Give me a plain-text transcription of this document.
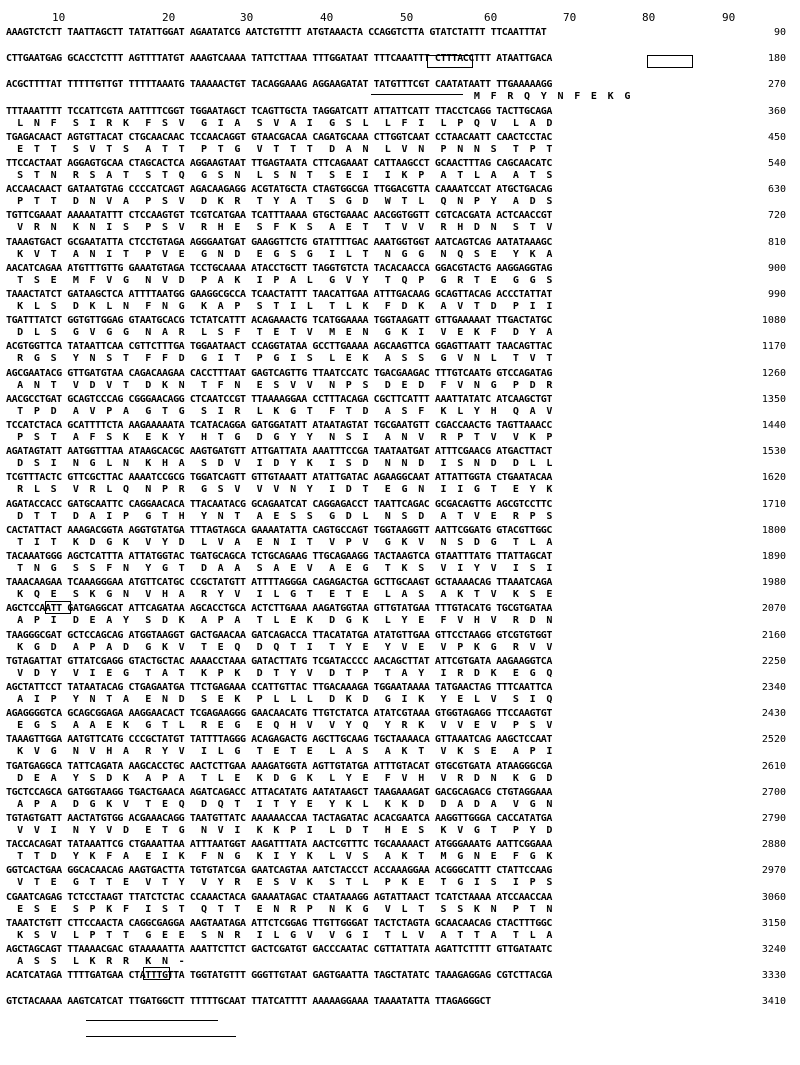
10	20	30	40	50	60	70	80	90
AAAGTCTCTT TAATTAGCTT TATATTGGAT AGAATATCG AATCTGTTTT ATGTAAACTA CCAGGTCTTA GTATCTATTT TTCAATTTAT	90
CTTGAATGAG GCACCTCTTT AGTTTTATGT AAAGTCAAAA TATTCTTAAA TTTGGATAAT TTTCAAATTT CTTTACCTTT ATAATTGACA	180
ACGCTTTTAT TTTTTGTTGT TTTTTAAATG TAAAAACTGT TACAGGAAAG AGGAAGATAT TATGTTTCGT CAATATAATT TTGAAAAAGG
M  F  R  Q  Y  N  F  E  K  G
270
TTTAAATTTT TCCATTCGTA AATTTTCGGT TGGAATAGCT TCAGTTGCTA TAGGATCATT ATTATTCATT TTACCTCAGG TACTTGCAGA
L  N  F   S  I  R  K   F  S  V   G  I  A   S  V  A  I   G  S  L   L  F  I   L  P  Q  V   L  A  D
360
TGAGACAACT AGTGTTACAT CTGCAACAAC TCCAACAGGT GTAACGACAA CAGATGCAAA CTTGGTCAAT CCTAACAATT CAACTCCTAC
E  T  T   S  V  T  S   A  T  T   P  T  G   V  T  T  T   D  A  N   L  V  N   P  N  N  S   T  P  T
450
TTCCACTAAT AGGAGTGCAA CTAGCACTCA AGGAAGTAAT TTGAGTAATA CTTCAGAAAT CATTAAGCCT GCAACTTTAG CAGCAACATC
S  T  N   R  S  A  T   S  T  Q   G  S  N   L  S  N  T   S  E  I   I  K  P   A  T  L  A   A  T  S
540
ACCAACAACT GATAATGTAG CCCCATCAGT AGACAAGAGG ACGTATGCTA CTAGTGGCGA TTGGACGTTA CAAAATCCAT ATGCTGACAG
P  T  T   D  N  V  A   P  S  V   D  K  R   T  Y  A  T   S  G  D   W  T  L   Q  N  P  Y   A  D  S
630
TGTTCGAAAT AAAAATATTT CTCCAAGTGT TCGTCATGAA TCATTTAAAA GTGCTGAAAC AACGGTGGTT CGTCACGATA ACTCAACCGT
V  R  N   K  N  I  S   P  S  V   R  H  E   S  F  K  S   A  E  T   T  V  V   R  H  D  N   S  T  V
720
TAAAGTGACT GCGAATATTA CTCCTGTAGA AGGGAATGAT GAAGGTTCTG GTATTTTGAC AAATGGTGGT AATCAGTCAG AATATAAAGC
K  V  T   A  N  I  T   P  V  E   G  N  D   E  G  S  G   I  L  T   N  G  G   N  Q  S  E   Y  K  A
810
AACATCAGAA ATGTTTGTTG GAAATGTAGA TCCTGCAAAA ATACCTGCTT TAGGTGTCTA TACACAACCA GGACGTACTG AAGGAGGTAG
T  S  E   M  F  V  G   N  V  D   P  A  K   I  P  A  L   G  V  Y   T  Q  P   G  R  T  E   G  G  S
900
TAAACTATCT GATAAGCTCA ATTTTAATGG GAAGGCGCCA TCAACTATTT TAACATTGAA ATTTGACAAG GCAGTTACAG ACCCTATTAT
K  L  S   D  K  L  N   F  N  G   K  A  P   S  T  I  L   T  L  K   F  D  K   A  V  T  D   P  I  I
990
TGATTTATCT GGTGTTGGAG GTAATGCACG TCTATCATTT ACAGAAACTG TCATGGAAAA TGGTAAGATT GTTGAAAAAT TTGACTATGC
D  L  S   G  V  G  G   N  A  R   L  S  F   T  E  T  V   M  E  N   G  K  I   V  E  K  F   D  Y  A
1080
ACGTGGTTCA TATAATTCAA CGTTCTTTGA TGGAATAACT CCAGGTATAA GCCTTGAAAA AGCAAGTTCA GGAGTTAATT TAACAGTTAC
R  G  S   Y  N  S  T   F  F  D   G  I  T   P  G  I  S   L  E  K   A  S  S   G  V  N  L   T  V  T
1170
AGCGAATACG GTTGATGTAA CAGACAAGAA CACCTTTAAT GAGTCAGTTG TTAATCCATC TGACGAAGAC TTTGTCAATG GTCCAGATAG
A  N  T   V  D  V  T   D  K  N   T  F  N   E  S  V  V   N  P  S   D  E  D   F  V  N  G   P  D  R
1260
AACGCCTGAT GCAGTCCCAG CGGGAACAGG CTCAATCCGT TTAAAAGGAA CCTTTACAGA CGCTTCATTT AAATTATATC ATCAAGCTGT
T  P  D   A  V  P  A   G  T  G   S  I  R   L  K  G  T   F  T  D   A  S  F   K  L  Y  H   Q  A  V
1350
TCCATCTACA GCATTTTCTA AAGAAAAATA TCATACAGGA GATGGATATT ATAATAGTAT TGCGAATGTT CGACCAACTG TAGTTAAACC
P  S  T   A  F  S  K   E  K  Y   H  T  G   D  G  Y  Y   N  S  I   A  N  V   R  P  T  V   V  K  P
1440
AGATAGTATT AATGGTTTAA ATAAGCACGC AAGTGATGTT ATTGATTATA AAATTTCCGA TAATAATGAT ATTTCGAACG ATGACTTACT
D  S  I   N  G  L  N   K  H  A   S  D  V   I  D  Y  K   I  S  D   N  N  D   I  S  N  D   D  L  L
1530
TCGTTTACTC GTTCGCTTAC AAAATCCGCG TGGATCAGTT GTTGTAAATT ATATTGATAC AGAAGGCAAT ATTATTGGTA CTGAATACAA
R  L  S   V  R  L  Q   N  P  R   G  S  V   V  V  N  Y   I  D  T   E  G  N   I  I  G  T   E  Y  K
1620
AGATACCACC GATGCAATTC CAGGAACACA TTACAATACG GCAGAATCAT CAGGAGACCT TAATTCAGAC GCGACAGTTG AGCGTCCTTC
D  T  T   D  A  I  P   G  T  H   Y  N  T   A  E  S  S   G  D  L   N  S  D   A  T  V  E   R  P  S
1710
CACTATTACT AAAGACGGTA AGGTGTATGA TTTAGTAGCA GAAAATATTA CAGTGCCAGT TGGTAAGGTT AATTCGGATG GTACGTTGGC
T  I  T   K  D  G  K   V  Y  D   L  V  A   E  N  I  T   V  P  V   G  K  V   N  S  D  G   T  L  A
1800
TACAAATGGG AGCTCATTTA ATTATGGTAC TGATGCAGCA TCTGCAGAAG TTGCAGAAGG TACTAAGTCA GTAATTTATG TTATTAGCAT
T  N  G   S  S  F  N   Y  G  T   D  A  A   S  A  E  V   A  E  G   T  K  S   V  I  Y  V   I  S  I
1890
TAAACAAGAA TCAAAGGGAA ATGTTCATGC CCGCTATGTT ATTTTAGGGA CAGAGACTGA GCTTGCAAGT GCTAAAACAG TTAAATCAGA
K  Q  E   S  K  G  N   V  H  A   R  Y  V   I  L  G  T   E  T  E   L  A  S   A  K  T  V   K  S  E
1980
AGCTCCAATT GATGAGGCAT ATTCAGATAA AGCACCTGCA ACTCTTGAAA AAGATGGTAA GTTGTATGAA TTTGTACATG TGCGTGATAA
A  P  I   D  E  A  Y   S  D  K   A  P  A   T  L  E  K   D  G  K   L  Y  E   F  V  H  V   R  D  N
2070
TAAGGGCGAT GCTCCAGCAG ATGGTAAGGT GACTGAACAA GATCAGACCA TTACATATGA ATATGTTGAA GTTCCTAAGG GTCGTGTGGT
K  G  D   A  P  A  D   G  K  V   T  E  Q   D  Q  T  I   T  Y  E   Y  V  E   V  P  K  G   R  V  V
2160
TGTAGATTAT GTTATCGAGG GTACTGCTAC AAAACCTAAA GATACTTATG TCGATACCCC AACAGCTTAT ATTCGTGATA AAGAAGGTCA
V  D  Y   V  I  E  G   T  A  T   K  P  K   D  T  Y  V   D  T  P   T  A  Y   I  R  D  K   E  G  Q
2250
AGCTATTCCT TATAATACAG CTGAGAATGA TTCTGAGAAA CCATTGTTAC TTGACAAAGA TGGAATAAAA TATGAACTAG TTTCAATTCA
A  I  P   Y  N  T  A   E  N  D   S  E  K   P  L  L  L   D  K  D   G  I  K   Y  E  L  V   S  I  Q
2340
AGAGGGGTCA GCAGCGGAGA AAGGAACACT TCGAGAAGGG GAACAACATG TTGTCTATCA ATATCGTAAA GTGGTAGAGG TTCCAAGTGT
E  G  S   A  A  E  K   G  T  L   R  E  G   E  Q  H  V   V  Y  Q   Y  R  K   V  V  E  V   P  S  V
2430
TAAAGTTGGA AATGTTCATG CCCGCTATGT TATTTTAGGG ACAGAGACTG AGCTTGCAAG TGCTAAAACA GTTAAATCAG AAGCTCCAAT
K  V  G   N  V  H  A   R  Y  V   I  L  G   T  E  T  E   L  A  S   A  K  T   V  K  S  E   A  P  I
2520
TGATGAGGCA TATTCAGATA AAGCACCTGC AACTCTTGAA AAAGATGGTA AGTTGTATGA ATTTGTACAT GTGCGTGATA ATAAGGGCGA
D  E  A   Y  S  D  K   A  P  A   T  L  E   K  D  G  K   L  Y  E   F  V  H   V  R  D  N   K  G  D
2610
TGCTCCAGCA GATGGTAAGG TGACTGAACA AGATCAGACC ATTACATATG AATATAAGCT TAAGAAAGAT GACGCAGACG CTGTAGGAAA
A  P  A   D  G  K  V   T  E  Q   D  Q  T   I  T  Y  E   Y  K  L   K  K  D   D  A  D  A   V  G  N
2700
TGTAGTGATT AACTATGTGG ACGAAACAGG TAATGTTATC AAAAAACCAA TACTAGATAC ACACGAATCA AAGGTTGGGA CACCATATGA
V  V  I   N  Y  V  D   E  T  G   N  V  I   K  K  P  I   L  D  T   H  E  S   K  V  G  T   P  Y  D
2790
TACCACAGAT TATAAATTCG CTGAAATTAA ATTTAATGGT AAGATTTATA AACTCGTTTC TGCAAAAACT ATGGGAAATG AATTCGGAAA
T  T  D   Y  K  F  A   E  I  K   F  N  G   K  I  Y  K   L  V  S   A  K  T   M  G  N  E   F  G  K
2880
GGTCACTGAA GGCACAACAG AAGTGACTTA TGTGTATCGA GAATCAGTAA AATCTACCCT ACCAAAGGAA ACGGGCATTT CTATTCCAAG
V  T  E   G  T  T  E   V  T  Y   V  Y  R   E  S  V  K   S  T  L   P  K  E   T  G  I  S   I  P  S
2970
CGAATCAGAG TCTCCTAAGT TTATCTCTAC CCAAACTACA GAAAATAGAC CTAATAAAGG AGTATTAACT TCATCTAAAA ATCCAACCAA
E  S  E   S  P  K  F   I  S  T   Q  T  T   E  N  R  P   N  K  G   V  L  T   S  S  K  N   P  T  N
3060
TAAATCTGTT CTTCCAACTA CAGGCGAGGA AAGTAATAGA ATTCTCGGAG TTGTTGGGAT TACTCTAGTA GCAACAACAG CTACTTTGGC
K  S  V   L  P  T  T   G  E  E   S  N  R   I  L  G  V   V  G  I   T  L  V   A  T  T  A   T  L  A
3150
AGCTAGCAGT TTAAAACGAC GTAAAAATTA AAATTCTTCT GACTCGATGT GACCCAATAC CGTTATTATA AGATTCTTTT GTTGATAATC
A  S  S   L  K  R  R   K  N  -
3240
ACATCATAGA TTTTGATGAA CTATTTGTTA TGGTATGTTT GGGTTGTAAT GAGTGAATTA TAGCTATATC TAAAGAGGAG CGTCTTACGA	3330
GTCTACAAAA AAGTCATCAT TTGATGGCTT TTTTTGCAAT TTATCATTTT AAAAAGGAAA TAAAATATTA TTAGAGGGCT	3410
